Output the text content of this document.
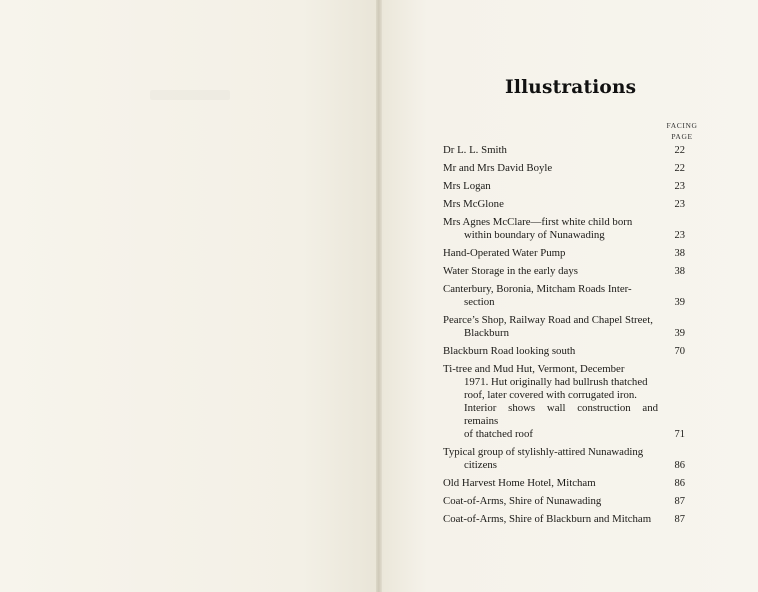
Illustrations
FACING
PAGE
Dr L. L. Smith	22
Mr and Mrs David Boyle	22
Mrs Logan	23
Mrs McGlone	23
Mrs Agnes McClare—first white child born
within boundary of Nunawading	23
Hand-Operated Water Pump	38
Water Storage in the early days	38
Canterbury, Boronia, Mitcham Roads Inter-
section	39
Pearce’s Shop, Railway Road and Chapel Street,
Blackburn	39
Blackburn Road looking south	70
Ti-tree and Mud Hut, Vermont, December
1971. Hut originally had bullrush thatched
roof, later covered with corrugated iron.
Interior shows wall construction and remains
of thatched roof	71
Typical group of stylishly-attired Nunawading
citizens	86
Old Harvest Home Hotel, Mitcham	86
Coat-of-Arms, Shire of Nunawading	87
Coat-of-Arms, Shire of Blackburn and Mitcham	87
